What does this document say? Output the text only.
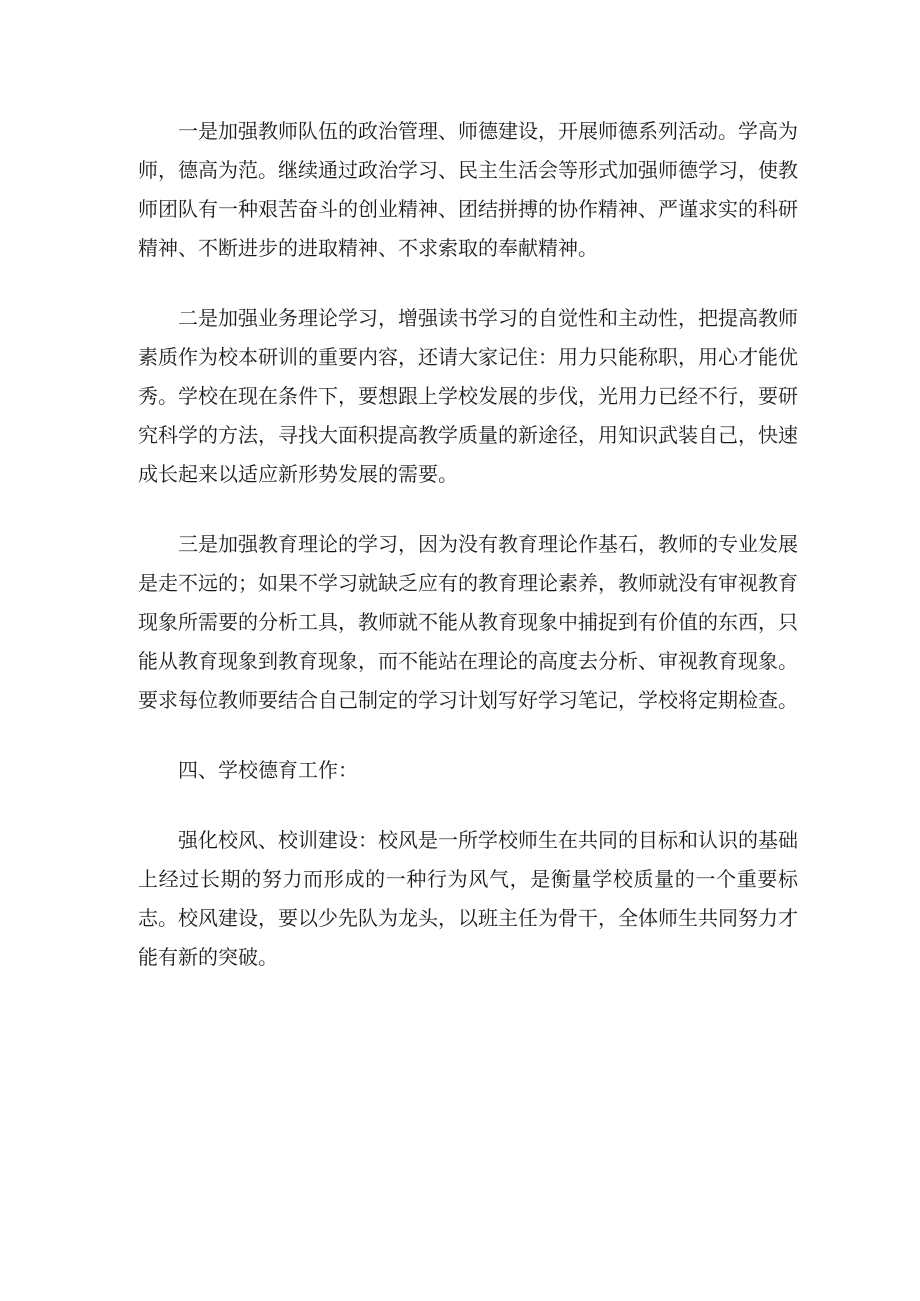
一是加强教师队伍的政治管理、师德建设，开展师德系列活动。学高为师，德高为范。继续通过政治学习、民主生活会等形式加强师德学习，使教师团队有一种艰苦奋斗的创业精神、团结拼搏的协作精神、严谨求实的科研精神、不断进步的进取精神、不求索取的奉献精神。

二是加强业务理论学习，增强读书学习的自觉性和主动性，把提高教师素质作为校本研训的重要内容，还请大家记住：用力只能称职，用心才能优秀。学校在现在条件下，要想跟上学校发展的步伐，光用力已经不行，要研究科学的方法，寻找大面积提高教学质量的新途径，用知识武装自己，快速成长起来以适应新形势发展的需要。

三是加强教育理论的学习，因为没有教育理论作基石，教师的专业发展是走不远的；如果不学习就缺乏应有的教育理论素养，教师就没有审视教育现象所需要的分析工具，教师就不能从教育现象中捕捉到有价值的东西，只能从教育现象到教育现象，而不能站在理论的高度去分析、审视教育现象。要求每位教师要结合自己制定的学习计划写好学习笔记，学校将定期检查。

四、学校德育工作：

强化校风、校训建设：校风是一所学校师生在共同的目标和认识的基础上经过长期的努力而形成的一种行为风气，是衡量学校质量的一个重要标志。校风建设，要以少先队为龙头，以班主任为骨干，全体师生共同努力才能有新的突破。
